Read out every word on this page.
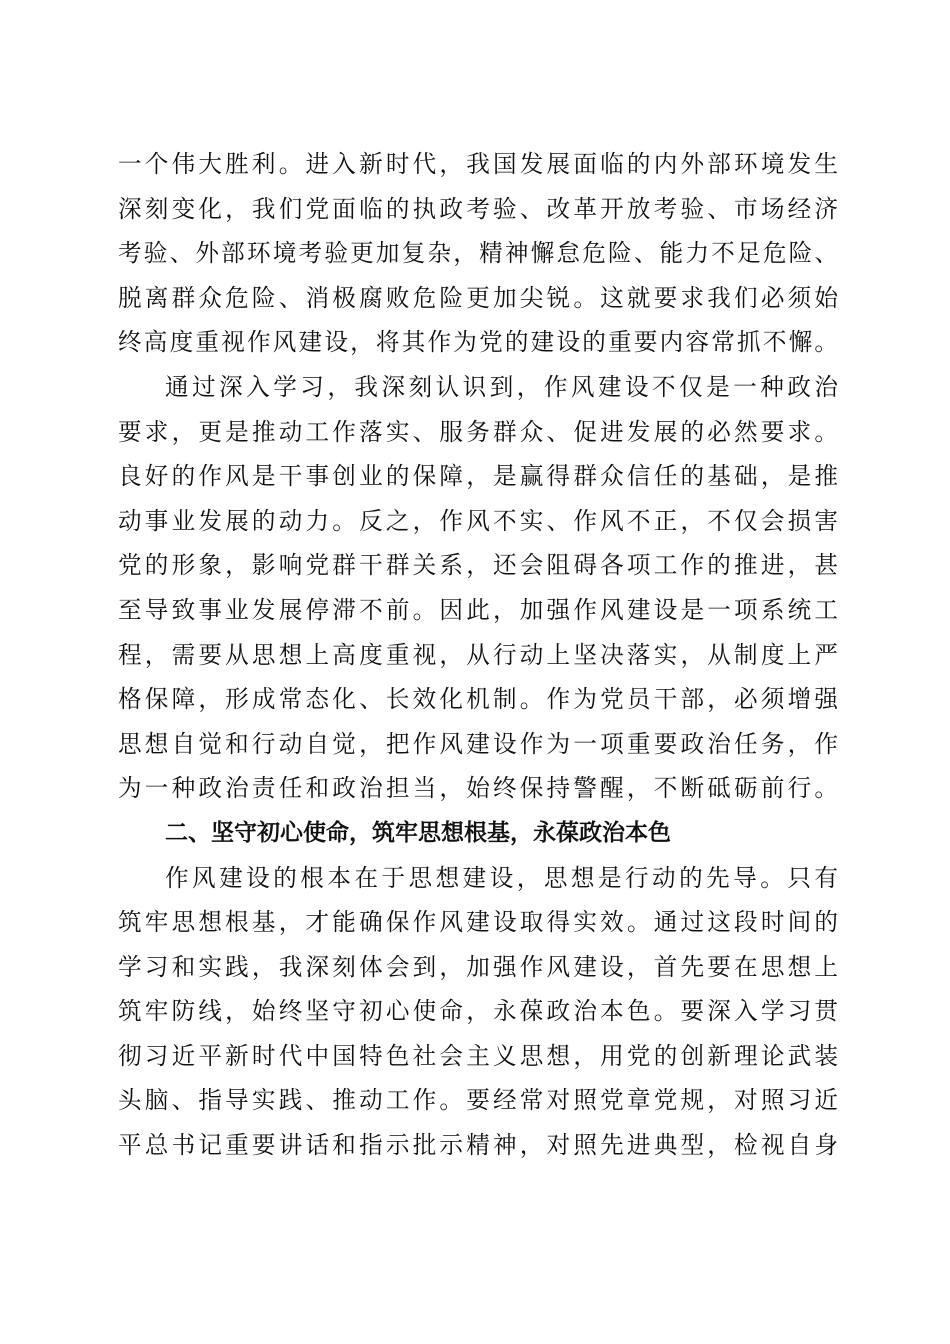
一个伟大胜利。进入新时代，我国发展面临的内外部环境发生
深刻变化，我们党面临的执政考验、改革开放考验、市场经济
考验、外部环境考验更加复杂，精神懈怠危险、能力不足危险、
脱离群众危险、消极腐败危险更加尖锐。这就要求我们必须始
终高度重视作风建设，将其作为党的建设的重要内容常抓不懈。
通过深入学习，我深刻认识到，作风建设不仅是一种政治
要求，更是推动工作落实、服务群众、促进发展的必然要求。
良好的作风是干事创业的保障，是赢得群众信任的基础，是推
动事业发展的动力。反之，作风不实、作风不正，不仅会损害
党的形象，影响党群干群关系，还会阻碍各项工作的推进，甚
至导致事业发展停滞不前。因此，加强作风建设是一项系统工
程，需要从思想上高度重视，从行动上坚决落实，从制度上严
格保障，形成常态化、长效化机制。作为党员干部，必须增强
思想自觉和行动自觉，把作风建设作为一项重要政治任务，作
为一种政治责任和政治担当，始终保持警醒，不断砥砺前行。
二、坚守初心使命，筑牢思想根基，永葆政治本色
作风建设的根本在于思想建设，思想是行动的先导。只有
筑牢思想根基，才能确保作风建设取得实效。通过这段时间的
学习和实践，我深刻体会到，加强作风建设，首先要在思想上
筑牢防线，始终坚守初心使命，永葆政治本色。要深入学习贯
彻习近平新时代中国特色社会主义思想，用党的创新理论武装
头脑、指导实践、推动工作。要经常对照党章党规，对照习近
平总书记重要讲话和指示批示精神，对照先进典型，检视自身
